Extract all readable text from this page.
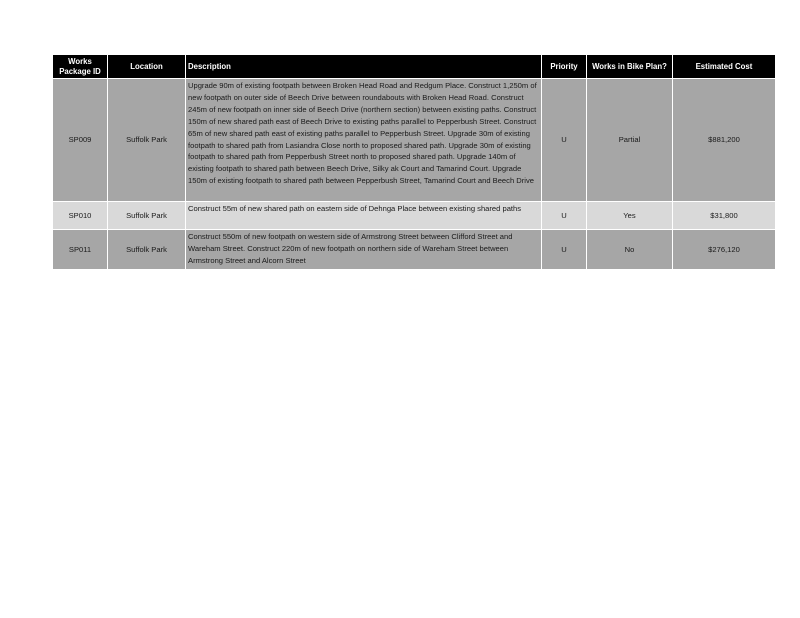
Works Package ID	Location	Description	Priority	Works in Bike Plan?	Estimated Cost
SP009	Suffolk Park	Upgrade 90m of existing footpath between Broken Head Road and Redgum Place. Construct 1,250m of new footpath on outer side of Beech Drive between roundabouts with Broken Head Road. Construct 245m of new footpath on inner side of Beech Drive (northern section) between existing paths. Construct 150m of new shared path east of Beech Drive to existing paths parallel to Pepperbush Street. Construct 65m of new shared path east of existing paths parallel to Pepperbush Street. Upgrade 30m of existing footpath to shared path from Lasiandra Close north to proposed shared path. Upgrade 30m of existing footpath to shared path from Pepperbush Street north to proposed shared path. Upgrade 140m of existing footpath to shared path between Beech Drive, Silky ak Court and Tamarind Court. Upgrade 150m of existing footpath to shared path between Pepperbush Street, Tamarind Court and Beech Drive	U	Partial	$881,200
SP010	Suffolk Park	Construct 55m of new shared path on eastern side of Dehnga Place between existing shared paths	U	Yes	$31,800
SP011	Suffolk Park	Construct 550m of new footpath on western side of Armstrong Street between Clifford Street and Wareham Street. Construct 220m of new footpath on northern side of Wareham Street between Armstrong Street and Alcorn Street	U	No	$276,120
